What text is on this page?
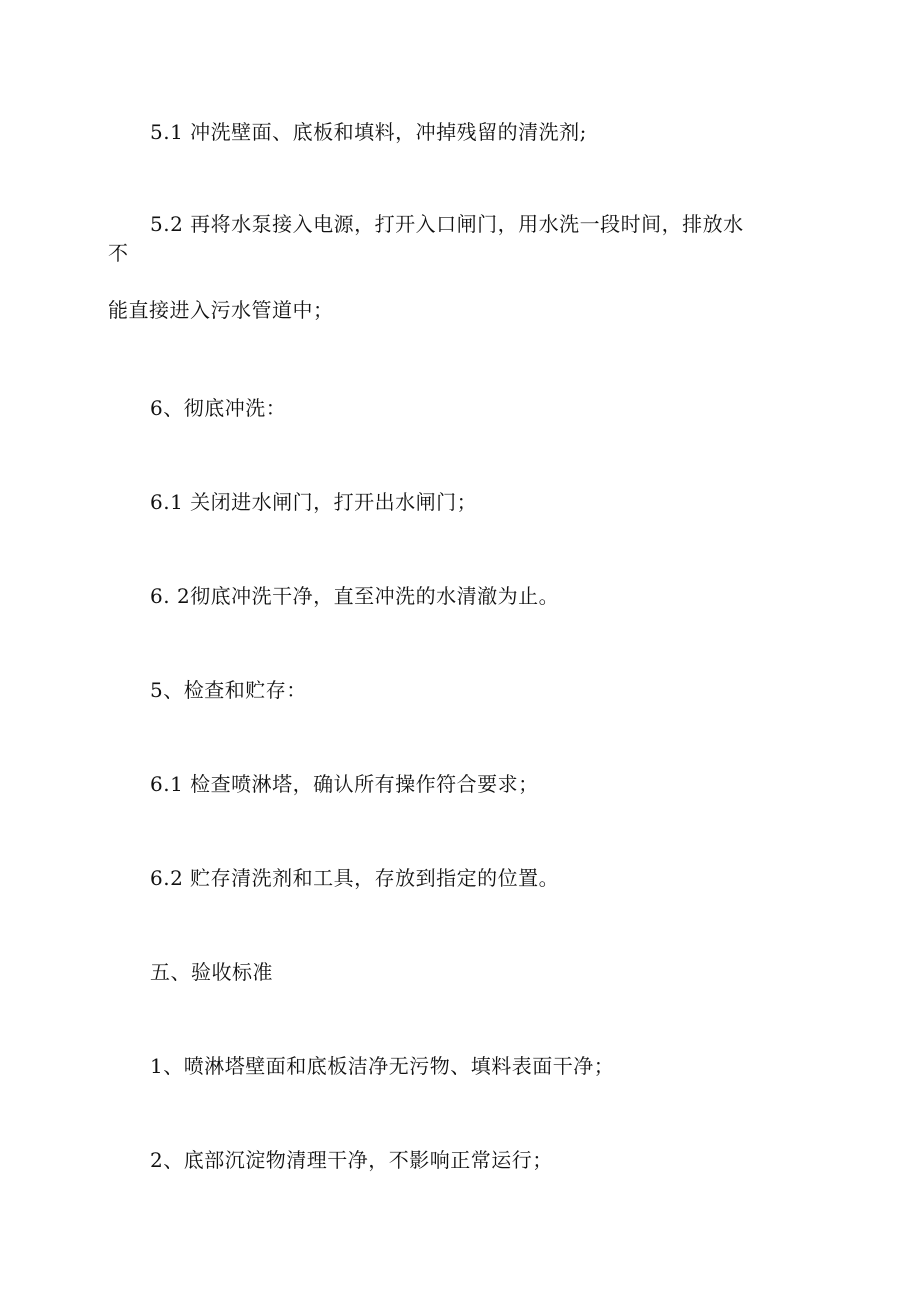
5.1 冲洗壁面、底板和填料，冲掉残留的清洗剂;
5.2 再将水泵接入电源，打开入口闸门，用水洗一段时间，排放水
不
能直接进入污水管道中；
6、彻底冲洗：
6.1 关闭进水闸门，打开出水闸门；
6. 2彻底冲洗干净，直至冲洗的水清澈为止。
5、检查和贮存：
6.1 检查喷淋塔，确认所有操作符合要求；
6.2 贮存清洗剂和工具，存放到指定的位置。
五、验收标准
1、喷淋塔壁面和底板洁净无污物、填料表面干净；
2、底部沉淀物清理干净，不影响正常运行；
